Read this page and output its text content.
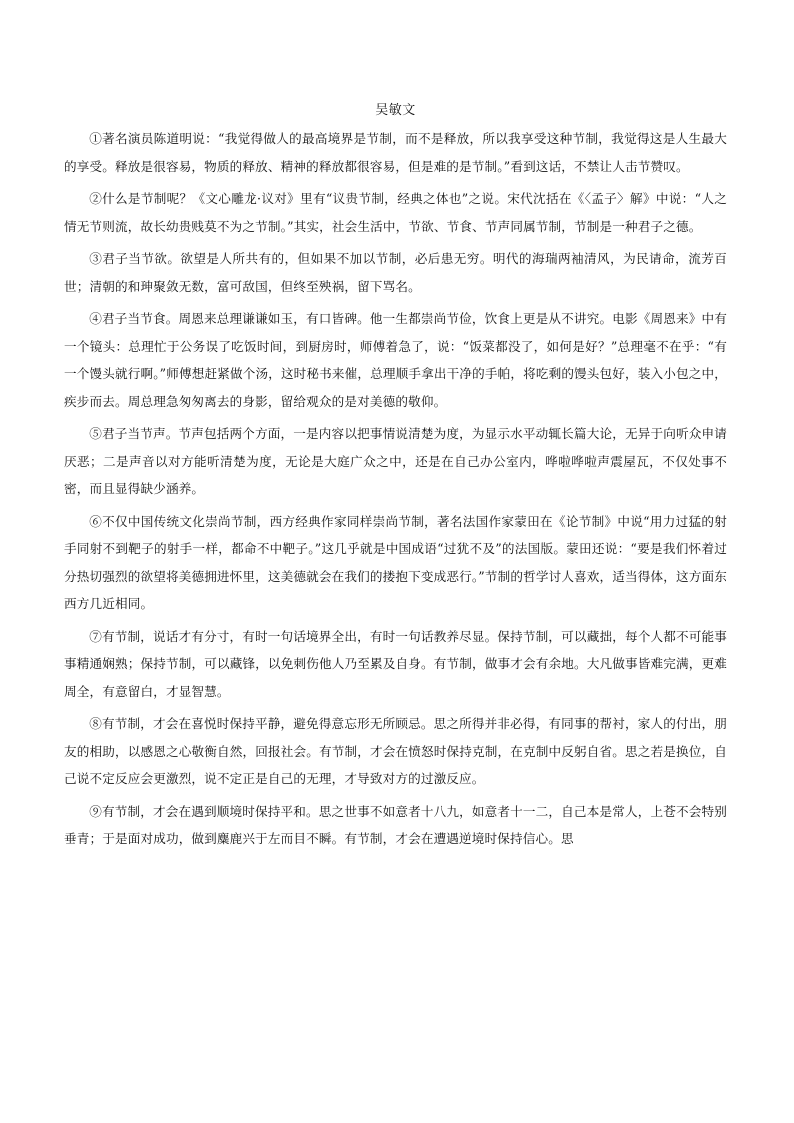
吴敏文

①著名演员陈道明说：“我觉得做人的最高境界是节制，而不是释放，所以我享受这种节制，我觉得这是人生最大的享受。释放是很容易，物质的释放、精神的释放都很容易，但是难的是节制。”看到这话，不禁让人击节赞叹。

②什么是节制呢？《文心雕龙·议对》里有“议贵节制，经典之体也”之说。宋代沈括在《〈孟子〉解》中说：“人之情无节则流，故长幼贵贱莫不为之节制。”其实，社会生活中，节欲、节食、节声同属节制，节制是一种君子之德。

③君子当节欲。欲望是人所共有的，但如果不加以节制，必后患无穷。明代的海瑞两袖清风，为民请命，流芳百世；清朝的和珅聚敛无数，富可敌国，但终至殃祸，留下骂名。

④君子当节食。周恩来总理谦谦如玉，有口皆碑。他一生都崇尚节俭，饮食上更是从不讲究。电影《周恩来》中有一个镜头：总理忙于公务误了吃饭时间，到厨房时，师傅着急了，说：“饭菜都没了，如何是好？”总理毫不在乎：“有一个馒头就行啊。”师傅想赶紧做个汤，这时秘书来催，总理顺手拿出干净的手帕，将吃剩的馒头包好，装入小包之中，疾步而去。周总理急匆匆离去的身影，留给观众的是对美德的敬仰。

⑤君子当节声。节声包括两个方面，一是内容以把事情说清楚为度，为显示水平动辄长篇大论，无异于向听众申请厌恶；二是声音以对方能听清楚为度，无论是大庭广众之中，还是在自己办公室内，哗啦哗啦声震屋瓦，不仅处事不密，而且显得缺少涵养。

⑥不仅中国传统文化崇尚节制，西方经典作家同样崇尚节制，著名法国作家蒙田在《论节制》中说“用力过猛的射手同射不到靶子的射手一样，都命不中靶子。”这几乎就是中国成语“过犹不及”的法国版。蒙田还说：“要是我们怀着过分热切强烈的欲望将美德拥进怀里，这美德就会在我们的搂抱下变成恶行。”节制的哲学讨人喜欢，适当得体，这方面东西方几近相同。

⑦有节制，说话才有分寸，有时一句话境界全出，有时一句话教养尽显。保持节制，可以藏拙，每个人都不可能事事精通娴熟；保持节制，可以藏锋，以免刺伤他人乃至累及自身。有节制，做事才会有余地。大凡做事皆难完满，更难周全，有意留白，才显智慧。

⑧有节制，才会在喜悦时保持平静，避免得意忘形无所顾忌。思之所得并非必得，有同事的帮衬，家人的付出，朋友的相助，以感恩之心敬衡自然，回报社会。有节制，才会在愤怒时保持克制，在克制中反躬自省。思之若是换位，自己说不定反应会更激烈，说不定正是自己的无理，才导致对方的过激反应。

⑨有节制，才会在遇到顺境时保持平和。思之世事不如意者十八九，如意者十一二，自己本是常人，上苍不会特别垂青；于是面对成功，做到麋鹿兴于左而目不瞬。有节制，才会在遭遇逆境时保持信心。思
